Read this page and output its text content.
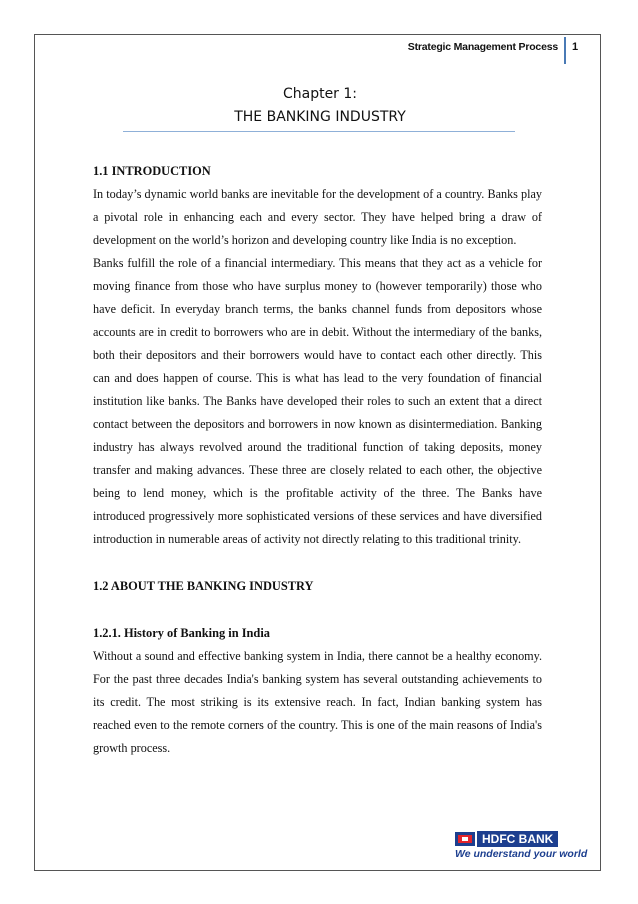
Strategic Management Process 1
Chapter 1:
THE BANKING INDUSTRY
1.1 INTRODUCTION

In today’s dynamic world banks are inevitable for the development of a country. Banks play a pivotal role in enhancing each and every sector. They have helped bring a draw of development on the world’s horizon and developing country like India is no exception.

Banks fulfill the role of a financial intermediary. This means that they act as a vehicle for moving finance from those who have surplus money to (however temporarily) those who have deficit. In everyday branch terms, the banks channel funds from depositors whose accounts are in credit to borrowers who are in debit. Without the intermediary of the banks, both their depositors and their borrowers would have to contact each other directly. This can and does happen of course. This is what has lead to the very foundation of financial institution like banks. The Banks have developed their roles to such an extent that a direct contact between the depositors and borrowers in now known as disintermediation. Banking industry has always revolved around the traditional function of taking deposits, money transfer and making advances. These three are closely related to each other, the objective being to lend money, which is the profitable activity of the three. The Banks have introduced progressively more sophisticated versions of these services and have diversified introduction in numerable areas of activity not directly relating to this traditional trinity.

1.2 ABOUT THE BANKING INDUSTRY
1.2.1. History of Banking in India

Without a sound and effective banking system in India, there cannot be a healthy economy. For the past three decades India's banking system has several outstanding achievements to its credit. The most striking is its extensive reach. In fact, Indian banking system has reached even to the remote corners of the country. This is one of the main reasons of India's growth process.

HDFC BANK
We understand your world
